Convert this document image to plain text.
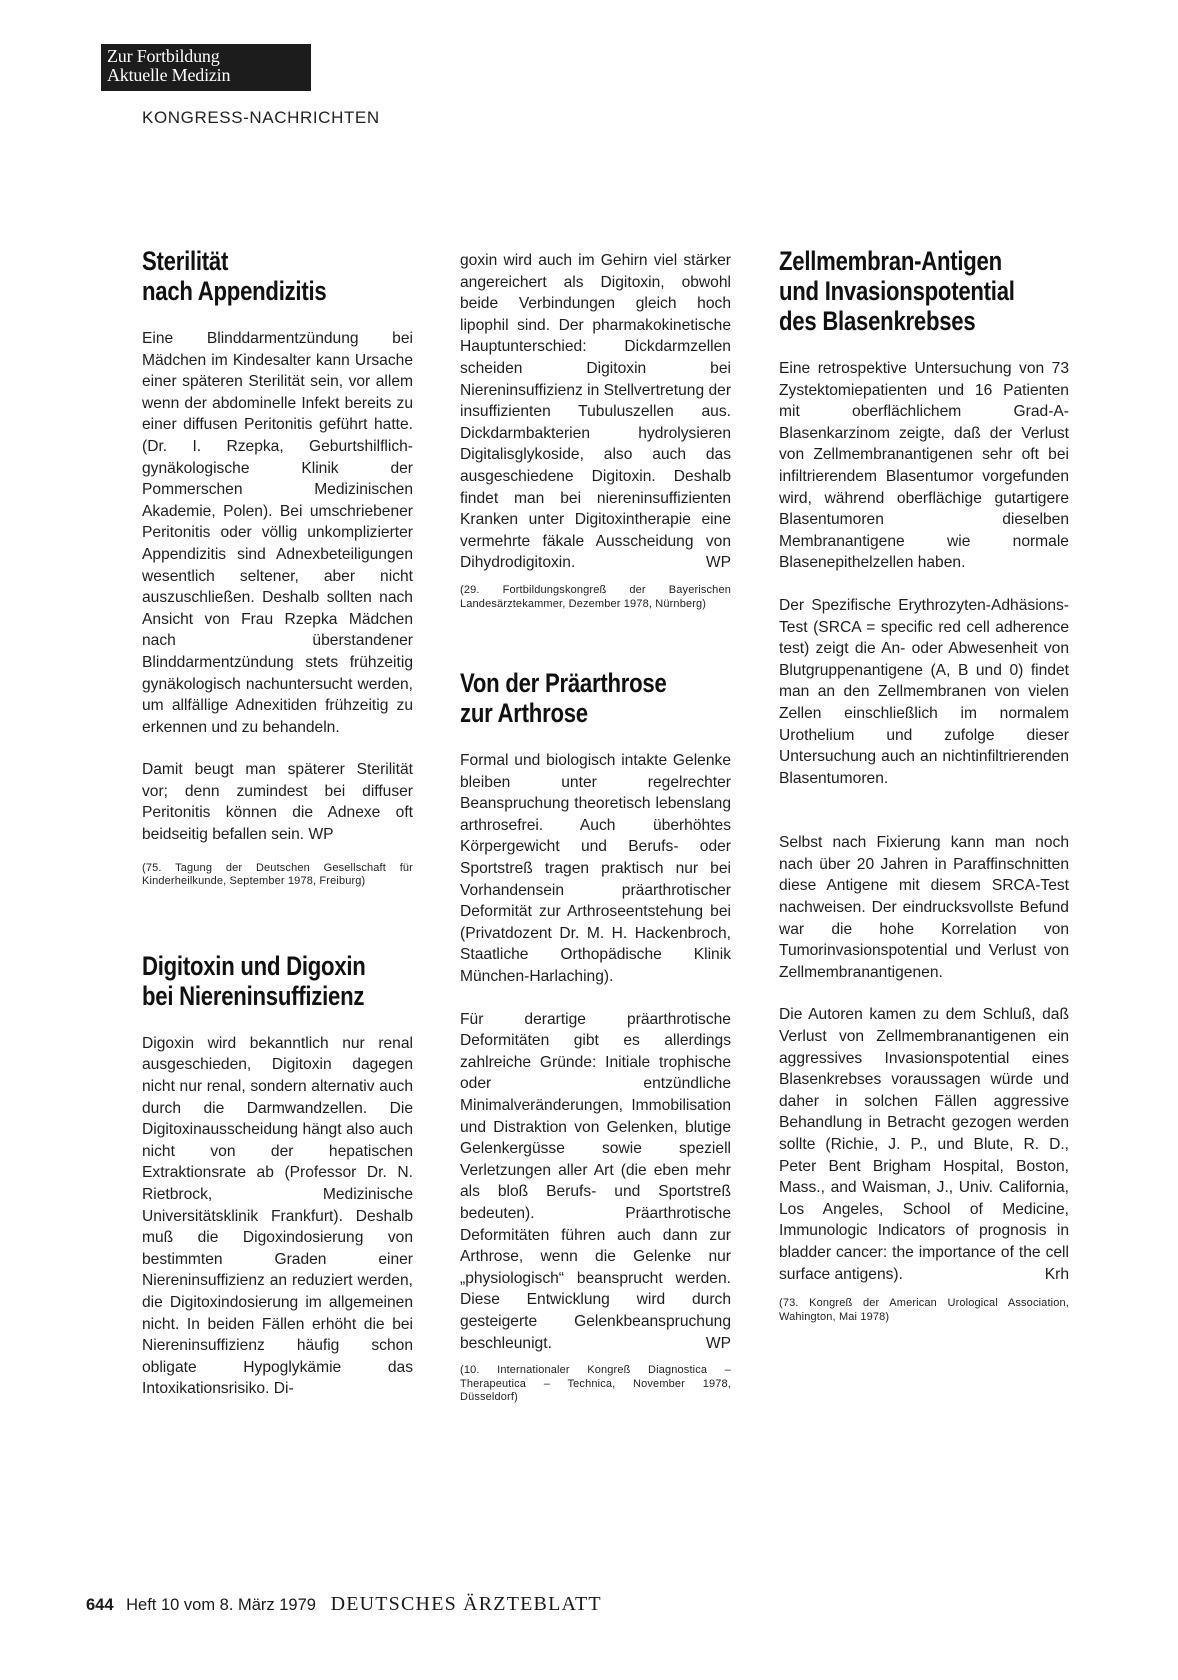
Zur Fortbildung
Aktuelle Medizin
KONGRESS-NACHRICHTEN
Sterilität
nach Appendizitis

Eine Blinddarmentzündung bei Mädchen im Kindesalter kann Ursache einer späteren Sterilität sein, vor allem wenn der abdominelle Infekt bereits zu einer diffusen Peritonitis geführt hatte. (Dr. I. Rzepka, Geburtshilflich-gynäkologische Klinik der Pommerschen Medizinischen Akademie, Polen). Bei umschriebener Peritonitis oder völlig unkomplizierter Appendizitis sind Adnexbeteiligungen wesentlich seltener, aber nicht auszuschließen. Deshalb sollten nach Ansicht von Frau Rzepka Mädchen nach überstandener Blinddarmentzündung stets frühzeitig gynäkologisch nachuntersucht werden, um allfällige Adnexitiden frühzeitig zu erkennen und zu behandeln.

Damit beugt man späterer Sterilität vor; denn zumindest bei diffuser Peritonitis können die Adnexe oft beidseitig befallen sein. WP

(75. Tagung der Deutschen Gesellschaft für Kinderheilkunde, September 1978, Freiburg)

Digitoxin und Digoxin
bei Niereninsuffizienz

Digoxin wird bekanntlich nur renal ausgeschieden, Digitoxin dagegen nicht nur renal, sondern alternativ auch durch die Darmwandzellen. Die Digitoxinausscheidung hängt also auch nicht von der hepatischen Extraktionsrate ab (Professor Dr. N. Rietbrock, Medizinische Universitätsklinik Frankfurt). Deshalb muß die Digoxindosierung von bestimmten Graden einer Niereninsuffizienz an reduziert werden, die Digitoxindosierung im allgemeinen nicht. In beiden Fällen erhöht die bei Niereninsuffizienz häufig schon obligate Hypoglykämie das Intoxikationsrisiko. Di-

goxin wird auch im Gehirn viel stärker angereichert als Digitoxin, obwohl beide Verbindungen gleich hoch lipophil sind. Der pharmakokinetische Hauptunterschied: Dickdarmzellen scheiden Digitoxin bei Niereninsuffizienz in Stellvertretung der insuffizienten Tubuluszellen aus. Dickdarmbakterien hydrolysieren Digitalisglykoside, also auch das ausgeschiedene Digitoxin. Deshalb findet man bei niereninsuffizienten Kranken unter Digitoxintherapie eine vermehrte fäkale Ausscheidung von Dihydrodigitoxin.	WP

(29. Fortbildungskongreß der Bayerischen Landesärztekammer, Dezember 1978, Nürnberg)

Von der Präarthrose
zur Arthrose

Formal und biologisch intakte Gelenke bleiben unter regelrechter Beanspruchung theoretisch lebenslang arthrosefrei. Auch überhöhtes Körpergewicht und Berufs- oder Sportstreß tragen praktisch nur bei Vorhandensein präarthrotischer Deformität zur Arthroseentstehung bei (Privatdozent Dr. M. H. Hackenbroch, Staatliche Orthopädische Klinik München-Harlaching).

Für derartige präarthrotische Deformitäten gibt es allerdings zahlreiche Gründe: Initiale trophische oder entzündliche Minimalveränderungen, Immobilisation und Distraktion von Gelenken, blutige Gelenkergüsse sowie speziell Verletzungen aller Art (die eben mehr als bloß Berufs- und Sportstreß bedeuten). Präarthrotische Deformitäten führen auch dann zur Arthrose, wenn die Gelenke nur „physiologisch“ beansprucht werden. Diese Entwicklung wird durch gesteigerte Gelenkbeanspruchung beschleunigt.	WP

(10. Internationaler Kongreß Diagnostica – Therapeutica – Technica, November 1978, Düsseldorf)

Zellmembran-Antigen
und Invasionspotential
des Blasenkrebses

Eine retrospektive Untersuchung von 73 Zystektomiepatienten und 16 Patienten mit oberflächlichem Grad-A-Blasenkarzinom zeigte, daß der Verlust von Zellmembranantigenen sehr oft bei infiltrierendem Blasentumor vorgefunden wird, während oberflächige gutartigere Blasentumoren dieselben Membranantigene wie normale Blasenepithelzellen haben.

Der Spezifische Erythrozyten-Adhäsions-Test (SRCA = specific red cell adherence test) zeigt die An- oder Abwesenheit von Blutgruppenantigene (A, B und 0) findet man an den Zellmembranen von vielen Zellen einschließlich im normalem Urothelium und zufolge dieser Untersuchung auch an nichtinfiltrierenden Blasentumoren.

Selbst nach Fixierung kann man noch nach über 20 Jahren in Paraffinschnitten diese Antigene mit diesem SRCA-Test nachweisen. Der eindrucksvollste Befund war die hohe Korrelation von Tumorinvasionspotential und Verlust von Zellmembranantigenen.

Die Autoren kamen zu dem Schluß, daß Verlust von Zellmembranantigenen ein aggressives Invasionspotential eines Blasenkrebses voraussagen würde und daher in solchen Fällen aggressive Behandlung in Betracht gezogen werden sollte (Richie, J. P., und Blute, R. D., Peter Bent Brigham Hospital, Boston, Mass., and Waisman, J., Univ. California, Los Angeles, School of Medicine, Immunologic Indicators of prognosis in bladder cancer: the importance of the cell surface antigens).	Krh

(73. Kongreß der American Urological Association, Wahington, Mai 1978)

644 Heft 10 vom 8. März 1979 DEUTSCHES ÄRZTEBLATT
